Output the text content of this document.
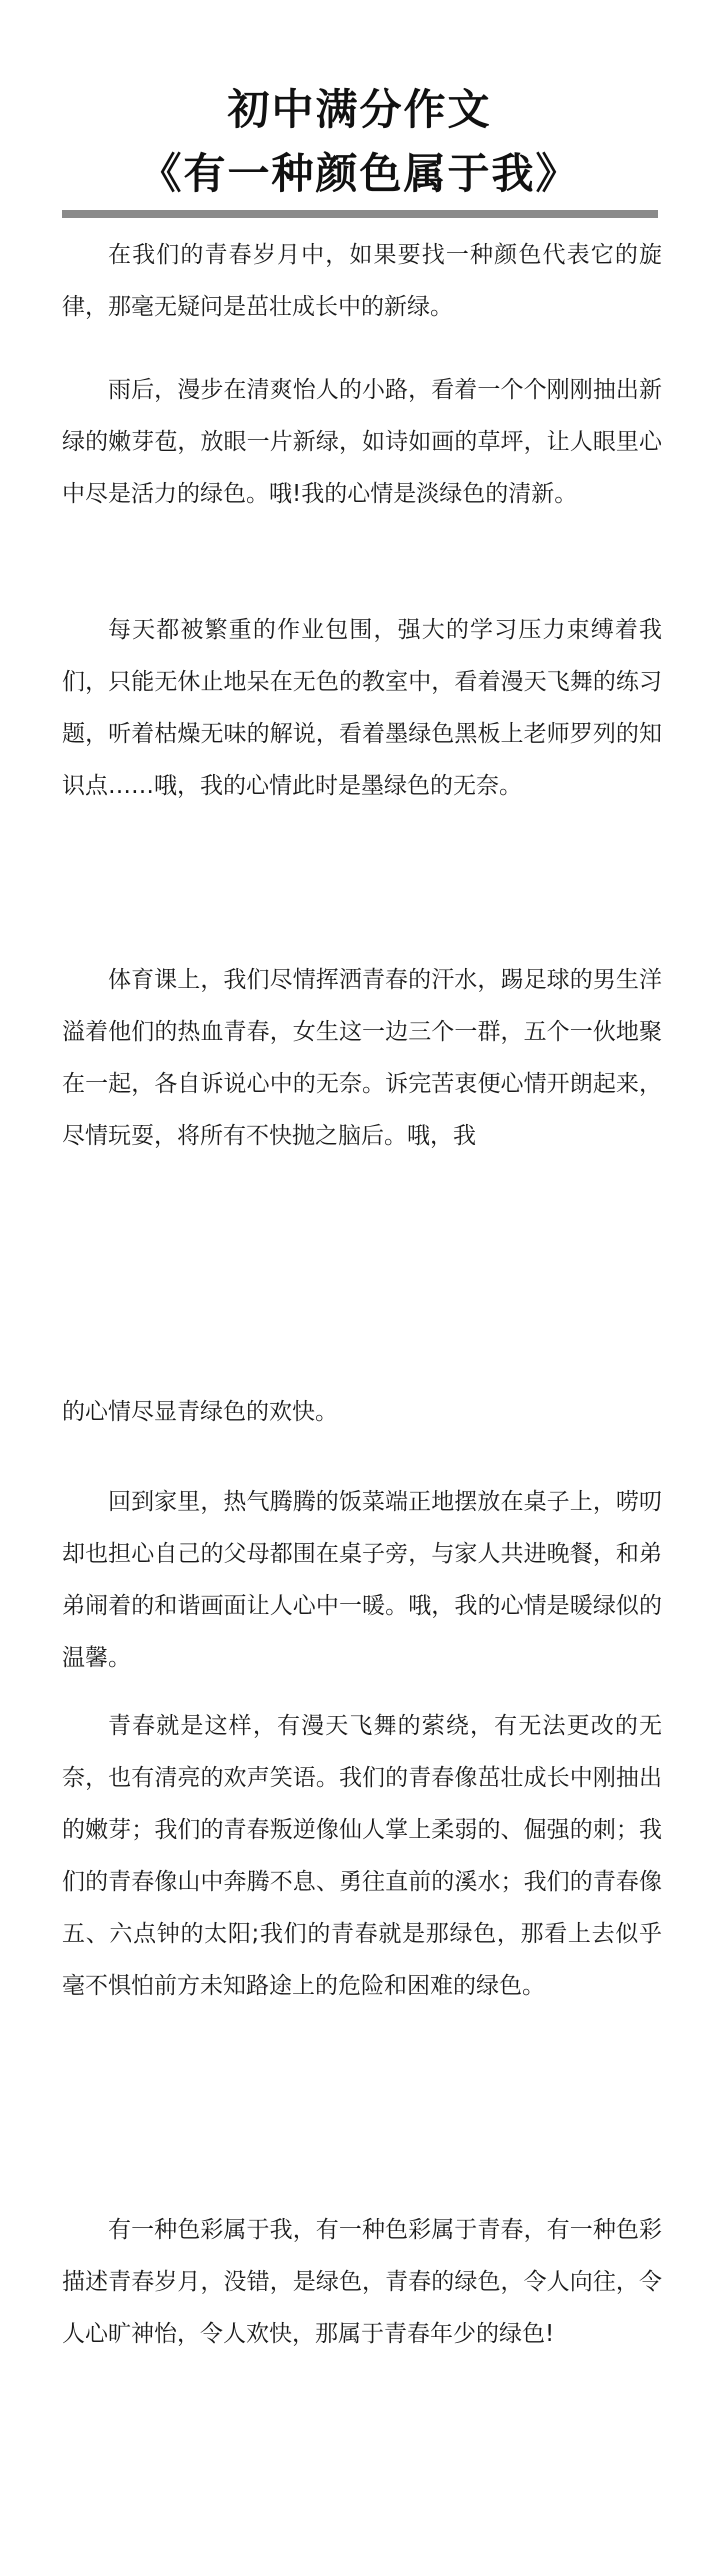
初中满分作文
《有一种颜色属于我》

在我们的青春岁月中，如果要找一种颜色代表它的旋律，那毫无疑问是茁壮成长中的新绿。

雨后，漫步在清爽怡人的小路，看着一个个刚刚抽出新绿的嫩芽苞，放眼一片新绿，如诗如画的草坪，让人眼里心中尽是活力的绿色。哦!我的心情是淡绿色的清新。

每天都被繁重的作业包围，强大的学习压力束缚着我们，只能无休止地呆在无色的教室中，看着漫天飞舞的练习题，听着枯燥无味的解说，看着墨绿色黑板上老师罗列的知识点……哦，我的心情此时是墨绿色的无奈。

体育课上，我们尽情挥洒青春的汗水，踢足球的男生洋溢着他们的热血青春，女生这一边三个一群，五个一伙地聚在一起，各自诉说心中的无奈。诉完苦衷便心情开朗起来，尽情玩耍，将所有不快抛之脑后。哦，我

的心情尽显青绿色的欢快。

回到家里，热气腾腾的饭菜端正地摆放在桌子上，唠叨却也担心自己的父母都围在桌子旁，与家人共进晚餐，和弟弟闹着的和谐画面让人心中一暖。哦，我的心情是暖绿似的温馨。

青春就是这样，有漫天飞舞的萦绕，有无法更改的无奈，也有清亮的欢声笑语。我们的青春像茁壮成长中刚抽出的嫩芽；我们的青春叛逆像仙人掌上柔弱的、倔强的刺；我们的青春像山中奔腾不息、勇往直前的溪水；我们的青春像五、六点钟的太阳;我们的青春就是那绿色，那看上去似乎毫不惧怕前方未知路途上的危险和困难的绿色。

有一种色彩属于我，有一种色彩属于青春，有一种色彩描述青春岁月，没错，是绿色，青春的绿色，令人向往，令人心旷神怡，令人欢快，那属于青春年少的绿色!
